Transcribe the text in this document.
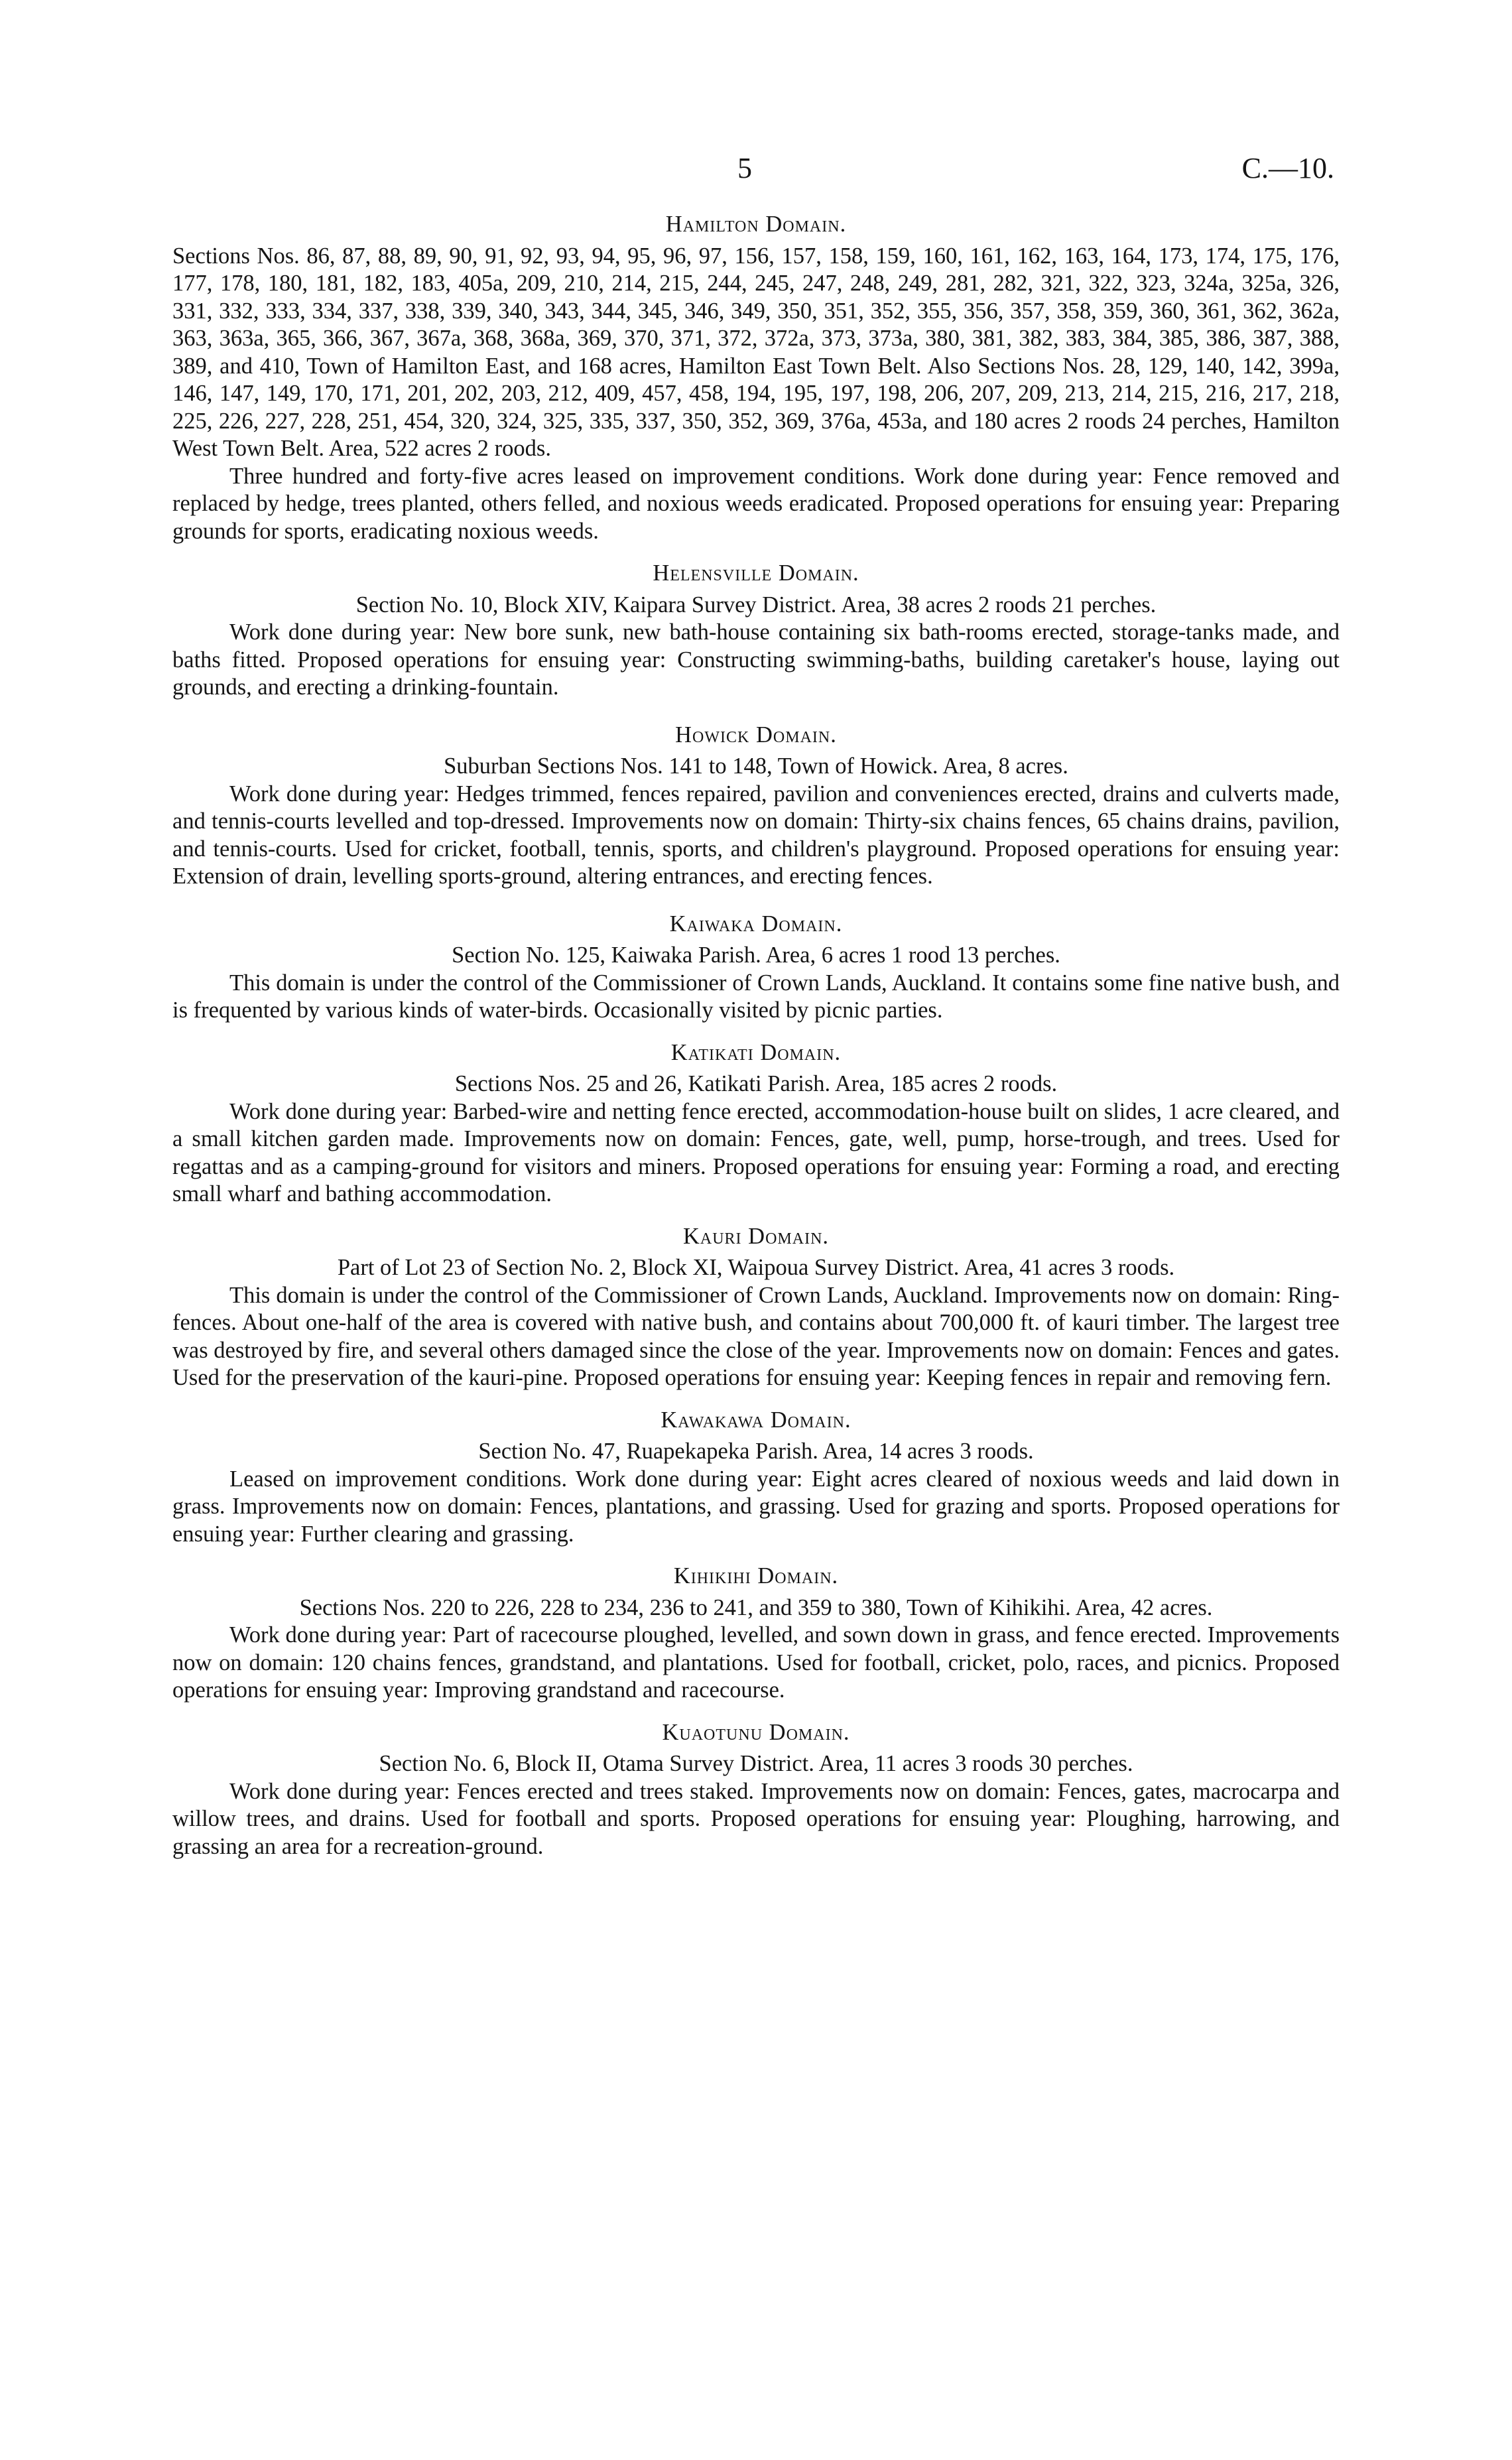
5	C.—10.
Hamilton Domain.
Sections Nos. 86, 87, 88, 89, 90, 91, 92, 93, 94, 95, 96, 97, 156, 157, 158, 159, 160, 161, 162, 163, 164, 173, 174, 175, 176, 177, 178, 180, 181, 182, 183, 405a, 209, 210, 214, 215, 244, 245, 247, 248, 249, 281, 282, 321, 322, 323, 324a, 325a, 326, 331, 332, 333, 334, 337, 338, 339, 340, 343, 344, 345, 346, 349, 350, 351, 352, 355, 356, 357, 358, 359, 360, 361, 362, 362a, 363, 363a, 365, 366, 367, 367a, 368, 368a, 369, 370, 371, 372, 372a, 373, 373a, 380, 381, 382, 383, 384, 385, 386, 387, 388, 389, and 410, Town of Hamilton East, and 168 acres, Hamilton East Town Belt. Also Sections Nos. 28, 129, 140, 142, 399a, 146, 147, 149, 170, 171, 201, 202, 203, 212, 409, 457, 458, 194, 195, 197, 198, 206, 207, 209, 213, 214, 215, 216, 217, 218, 225, 226, 227, 228, 251, 454, 320, 324, 325, 335, 337, 350, 352, 369, 376a, 453a, and 180 acres 2 roods 24 perches, Hamilton West Town Belt. Area, 522 acres 2 roods.
Three hundred and forty-five acres leased on improvement conditions. Work done during year: Fence removed and replaced by hedge, trees planted, others felled, and noxious weeds eradicated. Proposed operations for ensuing year: Preparing grounds for sports, eradicating noxious weeds.
Helensville Domain.
Section No. 10, Block XIV, Kaipara Survey District. Area, 38 acres 2 roods 21 perches.
Work done during year: New bore sunk, new bath-house containing six bath-rooms erected, storage-tanks made, and baths fitted. Proposed operations for ensuing year: Constructing swimming-baths, building caretaker's house, laying out grounds, and erecting a drinking-fountain.
Howick Domain.
Suburban Sections Nos. 141 to 148, Town of Howick. Area, 8 acres.
Work done during year: Hedges trimmed, fences repaired, pavilion and conveniences erected, drains and culverts made, and tennis-courts levelled and top-dressed. Improvements now on domain: Thirty-six chains fences, 65 chains drains, pavilion, and tennis-courts. Used for cricket, football, tennis, sports, and children's playground. Proposed operations for ensuing year: Extension of drain, levelling sports-ground, altering entrances, and erecting fences.
Kaiwaka Domain.
Section No. 125, Kaiwaka Parish. Area, 6 acres 1 rood 13 perches.
This domain is under the control of the Commissioner of Crown Lands, Auckland. It contains some fine native bush, and is frequented by various kinds of water-birds. Occasionally visited by picnic parties.
Katikati Domain.
Sections Nos. 25 and 26, Katikati Parish. Area, 185 acres 2 roods.
Work done during year: Barbed-wire and netting fence erected, accommodation-house built on slides, 1 acre cleared, and a small kitchen garden made. Improvements now on domain: Fences, gate, well, pump, horse-trough, and trees. Used for regattas and as a camping-ground for visitors and miners. Proposed operations for ensuing year: Forming a road, and erecting small wharf and bathing accommodation.
Kauri Domain.
Part of Lot 23 of Section No. 2, Block XI, Waipoua Survey District. Area, 41 acres 3 roods.
This domain is under the control of the Commissioner of Crown Lands, Auckland. Improvements now on domain: Ring-fences. About one-half of the area is covered with native bush, and contains about 700,000 ft. of kauri timber. The largest tree was destroyed by fire, and several others damaged since the close of the year. Improvements now on domain: Fences and gates. Used for the preservation of the kauri-pine. Proposed operations for ensuing year: Keeping fences in repair and removing fern.
Kawakawa Domain.
Section No. 47, Ruapekapeka Parish. Area, 14 acres 3 roods.
Leased on improvement conditions. Work done during year: Eight acres cleared of noxious weeds and laid down in grass. Improvements now on domain: Fences, plantations, and grassing. Used for grazing and sports. Proposed operations for ensuing year: Further clearing and grassing.
Kihikihi Domain.
Sections Nos. 220 to 226, 228 to 234, 236 to 241, and 359 to 380, Town of Kihikihi. Area, 42 acres.
Work done during year: Part of racecourse ploughed, levelled, and sown down in grass, and fence erected. Improvements now on domain: 120 chains fences, grandstand, and plantations. Used for football, cricket, polo, races, and picnics. Proposed operations for ensuing year: Improving grandstand and racecourse.
Kuaotunu Domain.
Section No. 6, Block II, Otama Survey District. Area, 11 acres 3 roods 30 perches.
Work done during year: Fences erected and trees staked. Improvements now on domain: Fences, gates, macrocarpa and willow trees, and drains. Used for football and sports. Proposed operations for ensuing year: Ploughing, harrowing, and grassing an area for a recreation-ground.
